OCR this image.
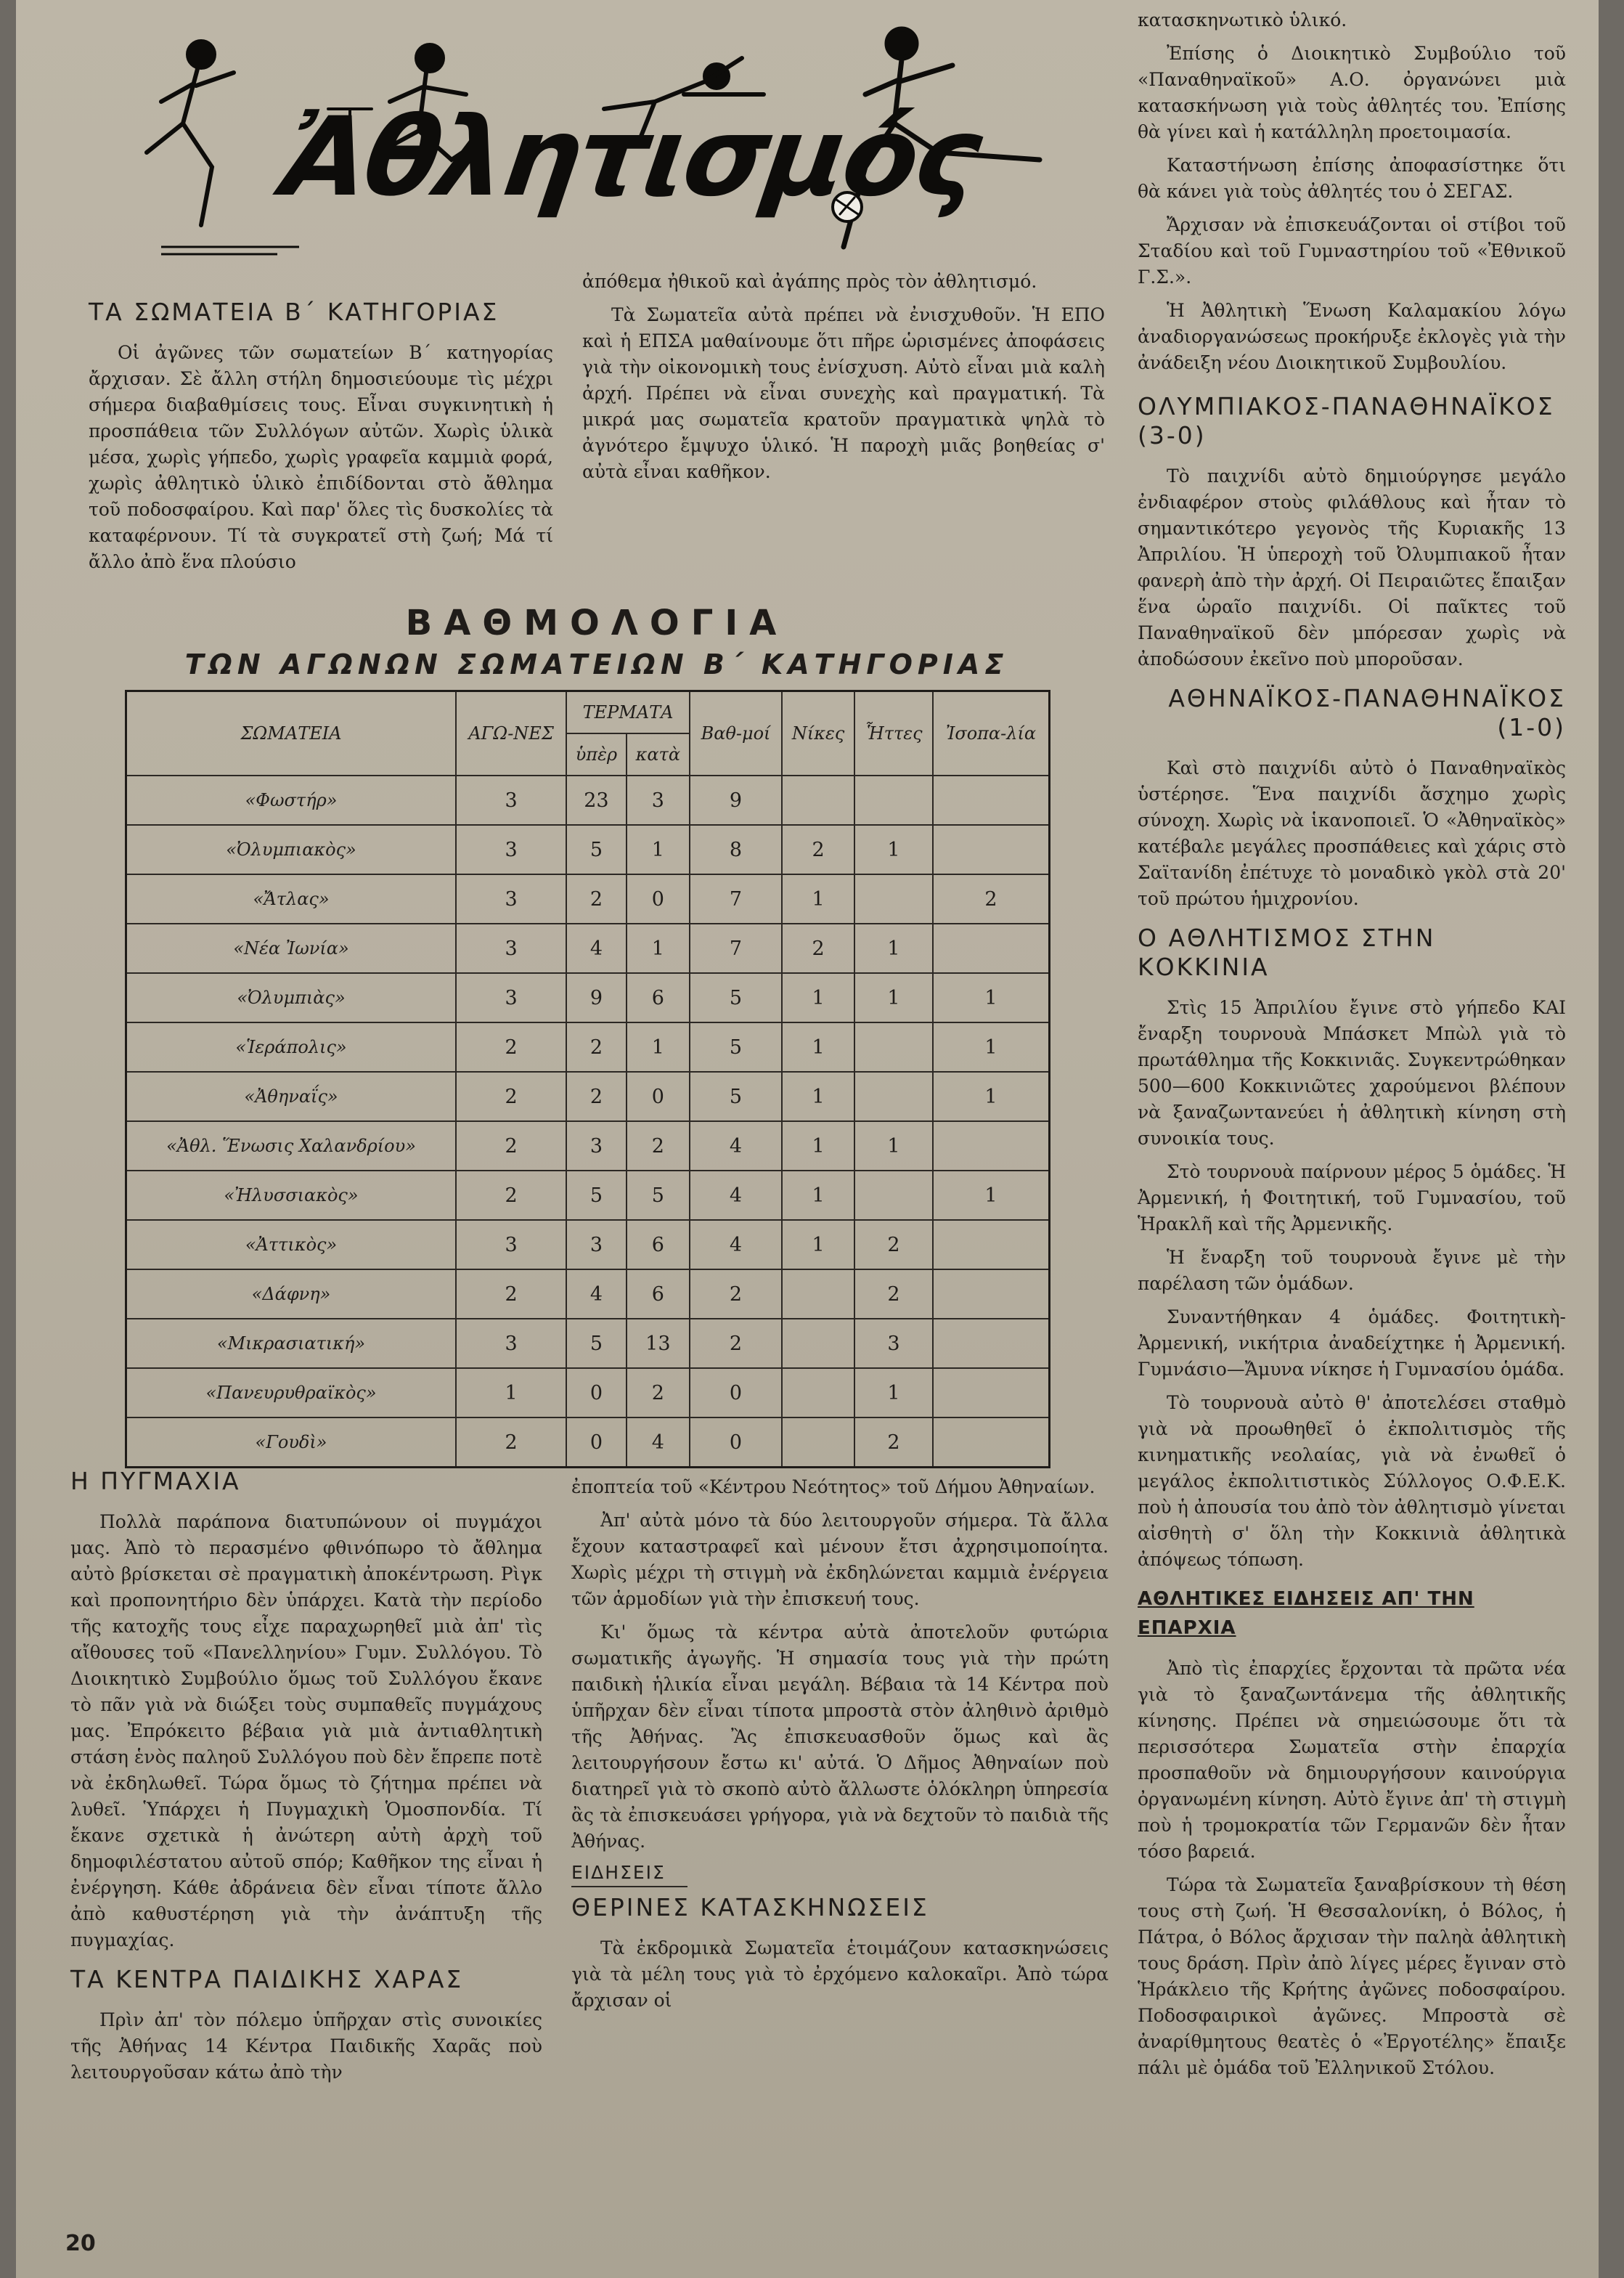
Ἀθλητισμός
ΤΑ ΣΩΜΑΤΕΙΑ Β΄ ΚΑΤΗΓΟΡΙΑΣ

Οἱ ἀγῶνες τῶν σωματείων Β΄ κατηγορίας ἄρχισαν. Σὲ ἄλλη στήλη δημοσιεύουμε τὶς μέχρι σήμερα διαβαθμίσεις τους. Εἶναι συγκινητικὴ ἡ προσπάθεια τῶν Συλλόγων αὐτῶν. Χωρὶς ὑλικὰ μέσα, χωρὶς γήπεδο, χωρὶς γραφεῖα καμμιὰ φορά, χωρὶς ἀθλητικὸ ὑλικὸ ἐπιδίδονται στὸ ἄθλημα τοῦ ποδοσφαίρου. Καὶ παρ' ὅλες τὶς δυσκολίες τὰ καταφέρνουν. Τί τὰ συγκρατεῖ στὴ ζωή; Μά τί ἄλλο ἀπὸ ἕνα πλούσιο

ἀπόθεμα ἠθικοῦ καὶ ἀγάπης πρὸς τὸν ἀθλητισμό.

Τὰ Σωματεῖα αὐτὰ πρέπει νὰ ἐνισχυθοῦν. Ἡ ΕΠΟ καὶ ἡ ΕΠΣΑ μαθαίνουμε ὅτι πῆρε ὡρισμένες ἀποφάσεις γιὰ τὴν οἰκονομικὴ τους ἐνίσχυση. Αὐτὸ εἶναι μιὰ καλὴ ἀρχή. Πρέπει νὰ εἶναι συνεχὴς καὶ πραγματική. Τὰ μικρά μας σωματεῖα κρατοῦν πραγματικὰ ψηλὰ τὸ ἀγνότερο ἔμψυχο ὑλικό. Ἡ παροχὴ μιᾶς βοηθείας σ' αὐτὰ εἶναι καθῆκον.

ΒΑΘΜΟΛΟΓΙΑ
ΤΩΝ ΑΓΩΝΩΝ ΣΩΜΑΤΕΙΩΝ Β΄ ΚΑΤΗΓΟΡΙΑΣ
ΣΩΜΑΤΕΙΑ	ΑΓΩ-ΝΕΣ	ΤΕΡΜΑΤΑ		Βαθ-μοί	Νίκες	Ἧττες	Ἰσοπα-λία
		ὑπὲρ	κατὰ				
«Φωστήρ»	3	23	3	9			
«Ὀλυμπιακὸς»	3	5	1	8	2	1	
«Ἄτλας»	3	2	0	7	1		2
«Νέα Ἰωνία»	3	4	1	7	2	1	
«Ὀλυμπιὰς»	3	9	6	5	1	1	1
«Ἱεράπολις»	2	2	1	5	1		1
«Ἀθηναΐς»	2	2	0	5	1		1
«Ἀθλ. Ἕνωσις Χαλανδρίου»	2	3	2	4	1	1	
«Ἠλυσσιακὸς»	2	5	5	4	1		1
«Ἀττικὸς»	3	3	6	4	1	2	
«Δάφνη»	2	4	6	2		2	
«Μικρασιατική»	3	5	13	2		3	
«Πανευρυθραϊκὸς»	1	0	2	0		1	
«Γουδὶ»	2	0	4	0		2	
Η ΠΥΓΜΑΧΙΑ

Πολλὰ παράπονα διατυπώνουν οἱ πυγμάχοι μας. Ἀπὸ τὸ περασμένο φθινόπωρο τὸ ἄθλημα αὐτὸ βρίσκεται σὲ πραγματικὴ ἀποκέντρωση. Ρὶγκ καὶ προπονητήριο δὲν ὑπάρχει. Κατὰ τὴν περίοδο τῆς κατοχῆς τους εἶχε παραχωρηθεῖ μιὰ ἀπ' τὶς αἴθουσες τοῦ «Πανελληνίου» Γυμν. Συλλόγου. Τὸ Διοικητικὸ Συμβούλιο ὅμως τοῦ Συλλόγου ἔκανε τὸ πᾶν γιὰ νὰ διώξει τοὺς συμπαθεῖς πυγμάχους μας. Ἐπρόκειτο βέβαια γιὰ μιὰ ἀντιαθλητικὴ στάση ἑνὸς παληοῦ Συλλόγου ποὺ δὲν ἔπρεπε ποτὲ νὰ ἐκδηλωθεῖ. Τώρα ὅμως τὸ ζήτημα πρέπει νὰ λυθεῖ. Ὑπάρχει ἡ Πυγμαχικὴ Ὁμοσπονδία. Τί ἔκανε σχετικὰ ἡ ἀνώτερη αὐτὴ ἀρχὴ τοῦ δημοφιλέστατου αὐτοῦ σπόρ; Καθῆκον της εἶναι ἡ ἐνέργηση. Κάθε ἀδράνεια δὲν εἶναι τίποτε ἄλλο ἀπὸ καθυστέρηση γιὰ τὴν ἀνάπτυξη τῆς πυγμαχίας.

ΤΑ ΚΕΝΤΡΑ ΠΑΙΔΙΚΗΣ ΧΑΡΑΣ

Πρὶν ἀπ' τὸν πόλεμο ὑπῆρχαν στὶς συνοικίες τῆς Ἀθήνας 14 Κέντρα Παιδικῆς Χαρᾶς ποὺ λειτουργοῦσαν κάτω ἀπὸ τὴν

ἐποπτεία τοῦ «Κέντρου Νεότητος» τοῦ Δήμου Ἀθηναίων.

Ἀπ' αὐτὰ μόνο τὰ δύο λειτουργοῦν σήμερα. Τὰ ἄλλα ἔχουν καταστραφεῖ καὶ μένουν ἔτσι ἀχρησιμοποίητα. Χωρὶς μέχρι τὴ στιγμὴ νὰ ἐκδηλώνεται καμμιὰ ἐνέργεια τῶν ἁρμοδίων γιὰ τὴν ἐπισκευή τους.

Κι' ὅμως τὰ κέντρα αὐτὰ ἀποτελοῦν φυτώρια σωματικῆς ἀγωγῆς. Ἡ σημασία τους γιὰ τὴν πρώτη παιδικὴ ἡλικία εἶναι μεγάλη. Βέβαια τὰ 14 Κέντρα ποὺ ὑπῆρχαν δὲν εἶναι τίποτα μπροστὰ στὸν ἀληθινὸ ἀριθμὸ τῆς Ἀθήνας. Ἂς ἐπισκευασθοῦν ὅμως καὶ ἂς λειτουργήσουν ἔστω κι' αὐτά. Ὁ Δῆμος Ἀθηναίων ποὺ διατηρεῖ γιὰ τὸ σκοπὸ αὐτὸ ἄλλωστε ὁλόκληρη ὑπηρεσία ἂς τὰ ἐπισκευάσει γρήγορα, γιὰ νὰ δεχτοῦν τὸ παιδιὰ τῆς Ἀθήνας.

ΕΙΔΗΣΕΙΣ
ΘΕΡΙΝΕΣ ΚΑΤΑΣΚΗΝΩΣΕΙΣ

Τὰ ἐκδρομικὰ Σωματεῖα ἑτοιμάζουν κατασκηνώσεις γιὰ τὰ μέλη τους γιὰ τὸ ἐρχόμενο καλοκαῖρι. Ἀπὸ τώρα ἄρχισαν οἱ

κατασκηνωτικὸ ὑλικό.

Ἐπίσης ὁ Διοικητικὸ Συμβούλιο τοῦ «Παναθηναϊκοῦ» Α.Ο. ὀργανώνει μιὰ κατασκήνωση γιὰ τοὺς ἀθλητές του. Ἐπίσης θὰ γίνει καὶ ἡ κατάλληλη προετοιμασία.

Καταστήνωση ἐπίσης ἀποφασίστηκε ὅτι θὰ κάνει γιὰ τοὺς ἀθλητές του ὁ ΣΕΓΑΣ.

Ἄρχισαν νὰ ἐπισκευάζονται οἱ στίβοι τοῦ Σταδίου καὶ τοῦ Γυμναστηρίου τοῦ «Ἐθνικοῦ Γ.Σ.».

Ἡ Ἀθλητικὴ Ἕνωση Καλαμακίου λόγω ἀναδιοργανώσεως προκήρυξε ἐκλογὲς γιὰ τὴν ἀνάδειξη νέου Διοικητικοῦ Συμβουλίου.

ΟΛΥΜΠΙΑΚΟΣ-ΠΑΝΑΘΗΝΑΪΚΟΣ (3-0)

Τὸ παιχνίδι αὐτὸ δημιούργησε μεγάλο ἐνδιαφέρον στοὺς φιλάθλους καὶ ἦταν τὸ σημαντικότερο γεγονὸς τῆς Κυριακῆς 13 Ἀπριλίου. Ἡ ὑπεροχὴ τοῦ Ὀλυμπιακοῦ ἦταν φανερὴ ἀπὸ τὴν ἀρχή. Οἱ Πειραιῶτες ἔπαιξαν ἕνα ὡραῖο παιχνίδι. Οἱ παῖκτες τοῦ Παναθηναϊκοῦ δὲν μπόρεσαν χωρὶς νὰ ἀποδώσουν ἐκεῖνο ποὺ μποροῦσαν.

ΑΘΗΝΑΪΚΟΣ-ΠΑΝΑΘΗΝΑΪΚΟΣ (1-0)

Καὶ στὸ παιχνίδι αὐτὸ ὁ Παναθηναϊκὸς ὑστέρησε. Ἕνα παιχνίδι ἄσχημο χωρὶς σύνοχη. Χωρὶς νὰ ἱκανοποιεῖ. Ὁ «Ἀθηναϊκὸς» κατέβαλε μεγάλες προσπάθειες καὶ χάρις στὸ Σαϊτανίδη ἐπέτυχε τὸ μοναδικὸ γκὸλ στὰ 20' τοῦ πρώτου ἡμιχρονίου.

Ο ΑΘΛΗΤΙΣΜΟΣ ΣΤΗΝ ΚΟΚΚΙΝΙΑ

Στὶς 15 Ἀπριλίου ἔγινε στὸ γήπεδο ΚΑΙ ἔναρξη τουρνουὰ Μπάσκετ Μπὼλ γιὰ τὸ πρωτάθλημα τῆς Κοκκινιᾶς. Συγκεντρώθηκαν 500—600 Κοκκινιῶτες χαρούμενοι βλέπουν νὰ ξαναζωντανεύει ἡ ἀθλητικὴ κίνηση στὴ συνοικία τους.

Στὸ τουρνουὰ παίρνουν μέρος 5 ὁμάδες. Ἡ Ἀρμενική, ἡ Φοιτητική, τοῦ Γυμνασίου, τοῦ Ἡρακλῆ καὶ τῆς Ἀρμενικῆς.

Ἡ ἔναρξη τοῦ τουρνουὰ ἔγινε μὲ τὴν παρέλαση τῶν ὁμάδων.

Συναντήθηκαν 4 ὁμάδες. Φοιτητικὴ-Ἀρμενική, νικήτρια ἀναδείχτηκε ἡ Ἀρμενική. Γυμνάσιο—Ἄμυνα νίκησε ἡ Γυμνασίου ὁμάδα.

Τὸ τουρνουὰ αὐτὸ θ' ἀποτελέσει σταθμὸ γιὰ νὰ προωθηθεῖ ὁ ἐκπολιτισμὸς τῆς κινηματικῆς νεολαίας, γιὰ νὰ ἐνωθεῖ ὁ μεγάλος ἐκπολιτιστικὸς Σύλλογος Ο.Φ.Ε.Κ. ποὺ ἡ ἀπουσία του ἀπὸ τὸν ἀθλητισμὸ γίνεται αἰσθητὴ σ' ὅλη τὴν Κοκκινιὰ ἀθλητικὰ ἀπόψεως τόπωση.

ΑΘΛΗΤΙΚΕΣ ΕΙΔΗΣΕΙΣ ΑΠ' ΤΗΝ ΕΠΑΡΧΙΑ

Ἀπὸ τὶς ἐπαρχίες ἔρχονται τὰ πρῶτα νέα γιὰ τὸ ξαναζωντάνεμα τῆς ἀθλητικῆς κίνησης. Πρέπει νὰ σημειώσουμε ὅτι τὰ περισσότερα Σωματεῖα στὴν ἐπαρχία προσπαθοῦν νὰ δημιουργήσουν καινούργια ὀργανωμένη κίνηση. Αὐτὸ ἔγινε ἀπ' τὴ στιγμὴ ποὺ ἡ τρομοκρατία τῶν Γερμανῶν δὲν ἦταν τόσο βαρειά.

Τώρα τὰ Σωματεῖα ξαναβρίσκουν τὴ θέση τους στὴ ζωή. Ἡ Θεσσαλονίκη, ὁ Βόλος, ἡ Πάτρα, ὁ Βόλος ἄρχισαν τὴν παληὰ ἀθλητικὴ τους δράση. Πρὶν ἀπὸ λίγες μέρες ἔγιναν στὸ Ἡράκλειο τῆς Κρήτης ἀγῶνες ποδοσφαίρου. Ποδοσφαιρικοὶ ἀγῶνες. Μπροστὰ σὲ ἀναρίθμητους θεατὲς ὁ «Ἐργοτέλης» ἔπαιξε πάλι μὲ ὁμάδα τοῦ Ἐλληνικοῦ Στόλου.

20
